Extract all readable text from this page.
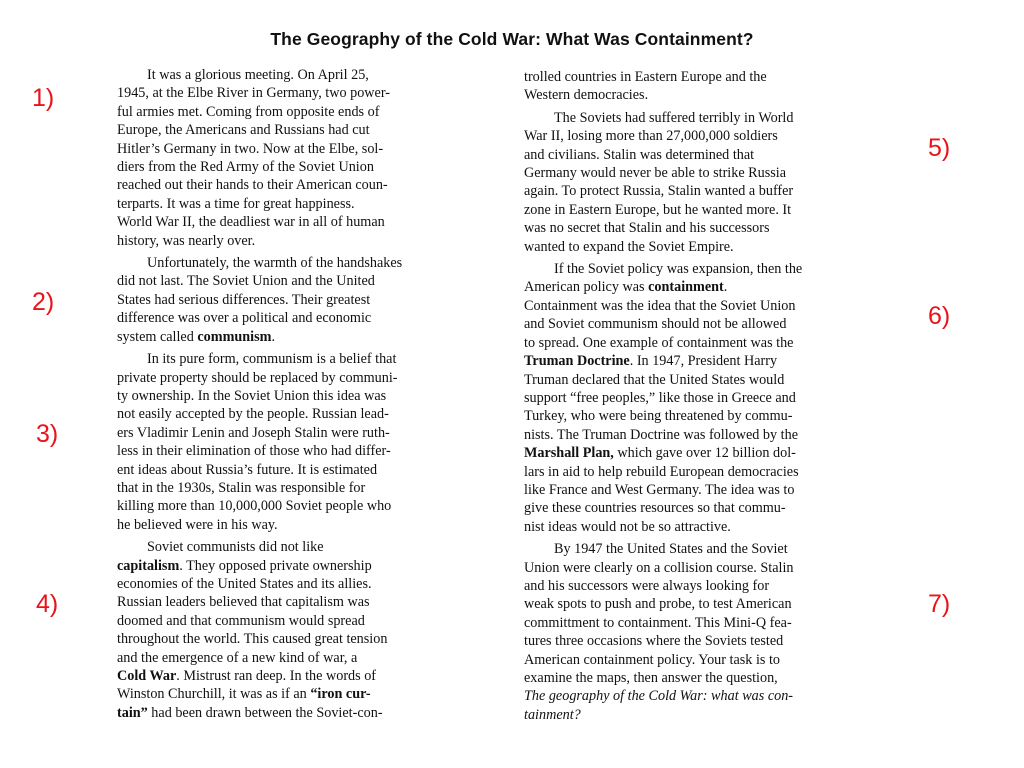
The Geography of the Cold War: What Was Containment?
It was a glorious meeting. On April 25,
1945, at the Elbe River in Germany, two power-
ful armies met. Coming from opposite ends of
Europe, the Americans and Russians had cut
Hitler’s Germany in two. Now at the Elbe, sol-
diers from the Red Army of the Soviet Union
reached out their hands to their American coun-
terparts. It was a time for great happiness.
World War II, the deadliest war in all of human
history, was nearly over.
Unfortunately, the warmth of the handshakes
did not last. The Soviet Union and the United
States had serious differences. Their greatest
difference was over a political and economic
system called communism.
In its pure form, communism is a belief that
private property should be replaced by communi-
ty ownership. In the Soviet Union this idea was
not easily accepted by the people. Russian lead-
ers Vladimir Lenin and Joseph Stalin were ruth-
less in their elimination of those who had differ-
ent ideas about Russia’s future. It is estimated
that in the 1930s, Stalin was responsible for
killing more than 10,000,000 Soviet people who
he believed were in his way.
Soviet communists did not like
capitalism. They opposed private ownership
economies of the United States and its allies.
Russian leaders believed that capitalism was
doomed and that communism would spread
throughout the world. This caused great tension
and the emergence of a new kind of war, a
Cold War. Mistrust ran deep. In the words of
Winston Churchill, it was as if an “iron cur-
tain” had been drawn between the Soviet-con-
trolled countries in Eastern Europe and the
Western democracies.
The Soviets had suffered terribly in World
War II, losing more than 27,000,000 soldiers
and civilians. Stalin was determined that
Germany would never be able to strike Russia
again. To protect Russia, Stalin wanted a buffer
zone in Eastern Europe, but he wanted more. It
was no secret that Stalin and his successors
wanted to expand the Soviet Empire.
If the Soviet policy was expansion, then the
American policy was containment.
Containment was the idea that the Soviet Union
and Soviet communism should not be allowed
to spread. One example of containment was the
Truman Doctrine. In 1947, President Harry
Truman declared that the United States would
support “free peoples,” like those in Greece and
Turkey, who were being threatened by commu-
nists. The Truman Doctrine was followed by the
Marshall Plan, which gave over 12 billion dol-
lars in aid to help rebuild European democracies
like France and West Germany. The idea was to
give these countries resources so that commu-
nist ideas would not be so attractive.
By 1947 the United States and the Soviet
Union were clearly on a collision course. Stalin
and his successors were always looking for
weak spots to push and probe, to test American
committment to containment. This Mini-Q fea-
tures three occasions where the Soviets tested
American containment policy. Your task is to
examine the maps, then answer the question,
The geography of the Cold War: what was con-
tainment?
1)
2)
3)
4)
5)
6)
7)
